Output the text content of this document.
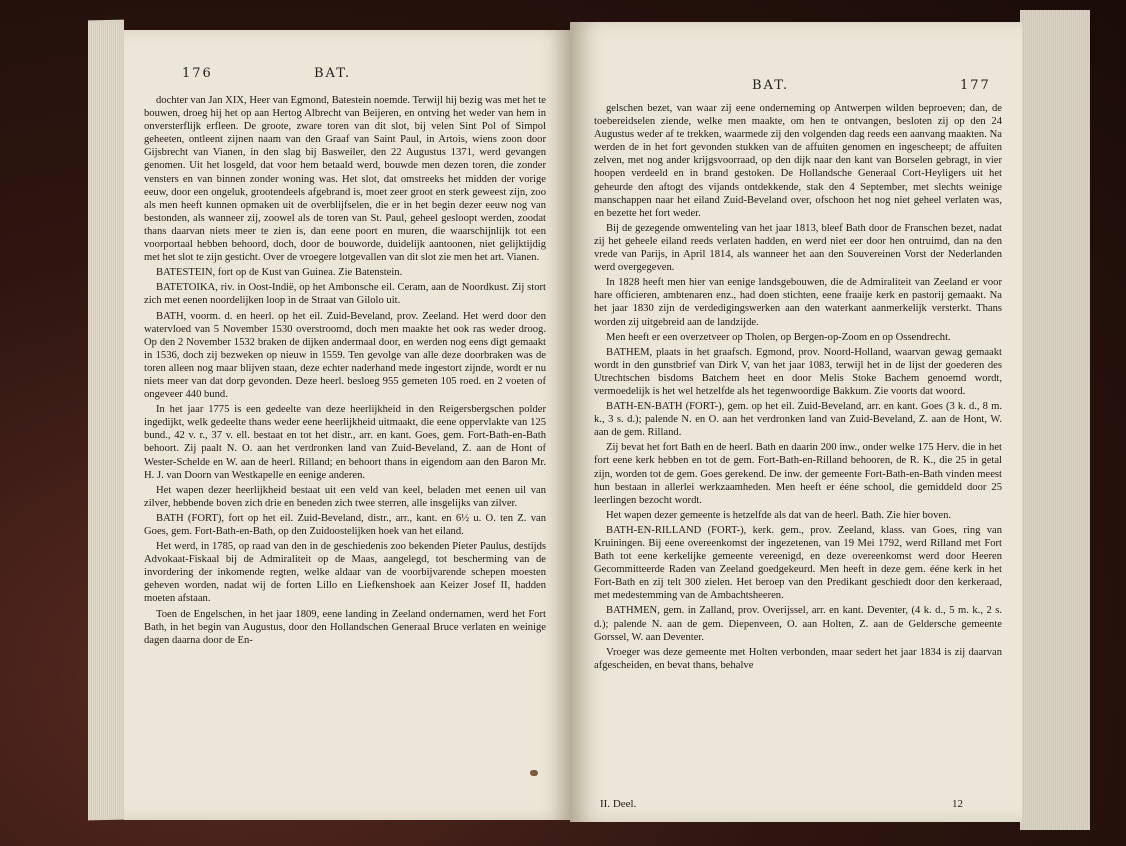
176	BAT.

dochter van Jan XIX, Heer van Egmond, Batestein noemde. Terwijl hij bezig was met het te bouwen, droeg hij het op aan Hertog Albrecht van Beijeren, en ontving het weder van hem in onversterflijk erfleen. De groote, zware toren van dit slot, bij velen Sint Pol of Simpol geheeten, ontleent zijnen naam van den Graaf van Saint Paul, in Artois, wiens zoon door Gijsbrecht van Vianen, in den slag bij Basweiler, den 22 Augustus 1371, werd gevangen genomen. Uit het losgeld, dat voor hem betaald werd, bouwde men dezen toren, die zonder vensters en van binnen zonder woning was. Het slot, dat omstreeks het midden der vorige eeuw, door een ongeluk, grootendeels afgebrand is, moet zeer groot en sterk geweest zijn, zoo als men heeft kunnen opmaken uit de overblijfselen, die er in het begin dezer eeuw nog van bestonden, als wanneer zij, zoowel als de toren van St. Paul, geheel gesloopt werden, zoodat thans daarvan niets meer te zien is, dan eene poort en muren, die waarschijnlijk tot een voorportaal hebben behoord, doch, door de bouworde, duidelijk aantoonen, niet gelijktijdig met het slot te zijn gesticht. Over de vroegere lotgevallen van dit slot zie men het art. Vianen.

BATESTEIN, fort op de Kust van Guinea. Zie Batenstein.

BATETOIKA, riv. in Oost-Indië, op het Ambonsche eil. Ceram, aan de Noordkust. Zij stort zich met eenen noordelijken loop in de Straat van Gilolo uit.

BATH, voorm. d. en heerl. op het eil. Zuid-Beveland, prov. Zeeland. Het werd door den watervloed van 5 November 1530 overstroomd, doch men maakte het ook ras weder droog. Op den 2 November 1532 braken de dijken andermaal door, en werden nog eens digt gemaakt in 1536, doch zij bezweken op nieuw in 1559. Ten gevolge van alle deze doorbraken was de toren alleen nog maar blijven staan, deze echter naderhand mede ingestort zijnde, wordt er nu niets meer van dat dorp gevonden. Deze heerl. besloeg 955 gemeten 105 roed. en 2 voeten of ongeveer 440 bund.

In het jaar 1775 is een gedeelte van deze heerlijkheid in den Reigersbergschen polder ingedijkt, welk gedeelte thans weder eene heerlijkheid uitmaakt, die eene oppervlakte van 125 bund., 42 v. r., 37 v. ell. bestaat en tot het distr., arr. en kant. Goes, gem. Fort-Bath-en-Bath behoort. Zij paalt N. O. aan het verdronken land van Zuid-Beveland, Z. aan de Hont of Wester-Schelde en W. aan de heerl. Rilland; en behoort thans in eigendom aan den Baron Mr. H. J. van Doorn van Westkapelle en eenige anderen.

Het wapen dezer heerlijkheid bestaat uit een veld van keel, beladen met eenen uil van zilver, hebbende boven zich drie en beneden zich twee sterren, alle insgelijks van zilver.

BATH (FORT), fort op het eil. Zuid-Beveland, distr., arr., kant. en 6½ u. O. ten Z. van Goes, gem. Fort-Bath-en-Bath, op den Zuidoostelijken hoek van het eiland.

Het werd, in 1785, op raad van den in de geschiedenis zoo bekenden Pieter Paulus, destijds Advokaat-Fiskaal bij de Admiraliteit op de Maas, aangelegd, tot bescherming van de invordering der inkomende regten, welke aldaar van de voorbijvarende schepen moesten geheven worden, nadat wij de forten Lillo en Liefkenshoek aan Keizer Josef II, hadden moeten afstaan.

Toen de Engelschen, in het jaar 1809, eene landing in Zeeland ondernamen, werd het Fort Bath, in het begin van Augustus, door den Hollandschen Generaal Bruce verlaten en weinige dagen daarna door de En-

BAT.	177

gelschen bezet, van waar zij eene onderneming op Antwerpen wilden beproeven; dan, de toebereidselen ziende, welke men maakte, om hen te ontvangen, besloten zij op den 24 Augustus weder af te trekken, waarmede zij den volgenden dag reeds een aanvang maakten. Na werden de in het fort gevonden stukken van de affuiten genomen en ingescheept; de affuiten zelven, met nog ander krijgsvoorraad, op den dijk naar den kant van Borselen gebragt, in vier hoopen verdeeld en in brand gestoken. De Hollandsche Generaal Cort-Heyligers uit het geheurde den aftogt des vijands ontdekkende, stak den 4 September, met slechts weinige manschappen naar het eiland Zuid-Beveland over, ofschoon het nog niet geheel verlaten was, en bezette het fort weder.

Bij de gezegende omwenteling van het jaar 1813, bleef Bath door de Franschen bezet, nadat zij het geheele eiland reeds verlaten hadden, en werd niet eer door hen ontruimd, dan na den vrede van Parijs, in April 1814, als wanneer het aan den Souvereinen Vorst der Nederlanden werd overgegeven.

In 1828 heeft men hier van eenige landsgebouwen, die de Admiraliteit van Zeeland er voor hare officieren, ambtenaren enz., had doen stichten, eene fraaije kerk en pastorij gemaakt. Na het jaar 1830 zijn de verdedigingswerken aan den waterkant aanmerkelijk versterkt. Thans worden zij uitgebreid aan de landzijde.

Men heeft er een overzetveer op Tholen, op Bergen-op-Zoom en op Ossendrecht.

BATHEM, plaats in het graafsch. Egmond, prov. Noord-Holland, waarvan gewag gemaakt wordt in den gunstbrief van Dirk V, van het jaar 1083, terwijl het in de lijst der goederen des Utrechtschen bisdoms Batchem heet en door Melis Stoke Bachem genoemd wordt, vermoedelijk is het wel hetzelfde als het tegenwoordige Bakkum. Zie voorts dat woord.

BATH-EN-BATH (FORT-), gem. op het eil. Zuid-Beveland, arr. en kant. Goes (3 k. d., 8 m. k., 3 s. d.); palende N. en O. aan het verdronken land van Zuid-Beveland, Z. aan de Hont, W. aan de gem. Rilland.

Zij bevat het fort Bath en de heerl. Bath en daarin 200 inw., onder welke 175 Herv. die in het fort eene kerk hebben en tot de gem. Fort-Bath-en-Rilland behooren, de R. K., die 25 in getal zijn, worden tot de gem. Goes gerekend. De inw. der gemeente Fort-Bath-en-Bath vinden meest hun bestaan in allerlei werkzaamheden. Men heeft er ééne school, die gemiddeld door 25 leerlingen bezocht wordt.

Het wapen dezer gemeente is hetzelfde als dat van de heerl. Bath. Zie hier boven.

BATH-EN-RILLAND (FORT-), kerk. gem., prov. Zeeland, klass. van Goes, ring van Kruiningen. Bij eene overeenkomst der ingezetenen, van 19 Mei 1792, werd Rilland met Fort Bath tot eene kerkelijke gemeente vereenigd, en deze overeenkomst werd door Heeren Gecommitteerde Raden van Zeeland goedgekeurd. Men heeft in deze gem. ééne kerk in het Fort-Bath en zij telt 300 zielen. Het beroep van den Predikant geschiedt door den kerkeraad, met medestemming van de Ambachtsheeren.

BATHMEN, gem. in Zalland, prov. Overijssel, arr. en kant. Deventer, (4 k. d., 5 m. k., 2 s. d.); palende N. aan de gem. Diepenveen, O. aan Holten, Z. aan de Geldersche gemeente Gorssel, W. aan Deventer.

Vroeger was deze gemeente met Holten verbonden, maar sedert het jaar 1834 is zij daarvan afgescheiden, en bevat thans, behalve

II. Deel.	12
